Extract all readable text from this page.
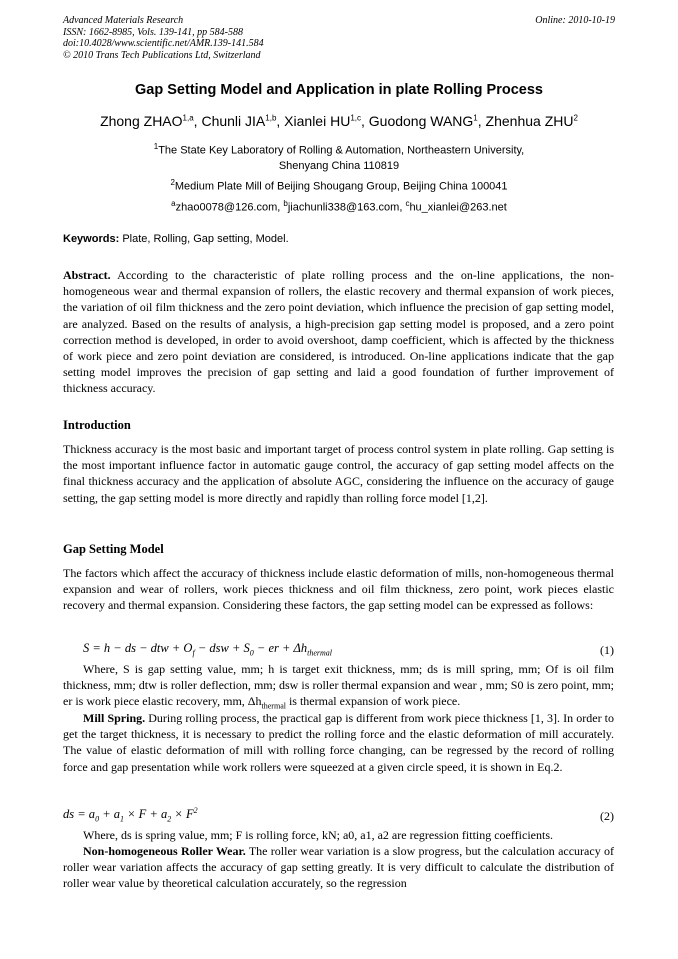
Advanced Materials Research
ISSN: 1662-8985, Vols. 139-141, pp 584-588
doi:10.4028/www.scientific.net/AMR.139-141.584
© 2010 Trans Tech Publications Ltd, Switzerland
Online: 2010-10-19
Gap Setting Model and Application in plate Rolling Process
Zhong ZHAO$^{1,a}$, Chunli JIA$^{1,b}$, Xianlei HU$^{1,c}$, Guodong WANG$^1$, Zhenhua ZHU$^2$
$^1$The State Key Laboratory of Rolling & Automation, Northeastern University,
Shenyang China 110819
$^2$Medium Plate Mill of Beijing Shougang Group, Beijing China 100041
$^a$zhao0078@126.com, $^b$jiachunli338@163.com, $^c$hu_xianlei@263.net
Keywords: Plate, Rolling, Gap setting, Model.

Abstract. According to the characteristic of plate rolling process and the on-line applications, the non-homogeneous wear and thermal expansion of rollers, the elastic recovery and thermal expansion of work pieces, the variation of oil film thickness and the zero point deviation, which influence the precision of gap setting model, are analyzed. Based on the results of analysis, a high-precision gap setting model is proposed, and a zero point correction method is developed, in order to avoid overshoot, damp coefficient, which is affected by the thickness of work piece and zero point deviation are considered, is introduced. On-line applications indicate that the gap setting model improves the precision of gap setting and laid a good foundation of further improvement of thickness accuracy.

Introduction

Thickness accuracy is the most basic and important target of process control system in plate rolling. Gap setting is the most important influence factor in automatic gauge control, the accuracy of gap setting model affects on the final thickness accuracy and the application of absolute AGC, considering the influence on the accuracy of gauge setting, the gap setting model is more directly and rapidly than rolling force model [1,2].

Gap Setting Model

The factors which affect the accuracy of thickness include elastic deformation of mills, non-homogeneous thermal expansion and wear of rollers, work pieces thickness and oil film thickness, zero point, work pieces elastic recovery and thermal expansion. Considering these factors, the gap setting model can be expressed as follows:

S = h − ds − dtw + $O_f$ − dsw + $S_0$ − er + $\Delta h_{thermal}$	(1)

Where, S is gap setting value, mm; h is target exit thickness, mm; ds is mill spring, mm; Of is oil film thickness, mm; dtw is roller deflection, mm; dsw is roller thermal expansion and wear , mm; S0 is zero point, mm; er is work piece elastic recovery, mm, $\Delta h_{thermal}$ is thermal expansion of work piece.

Mill Spring. During rolling process, the practical gap is different from work piece thickness [1, 3]. In order to get the target thickness, it is necessary to predict the rolling force and the elastic deformation of mill accurately. The value of elastic deformation of mill with rolling force changing, can be regressed by the record of rolling force and gap presentation while work rollers were squeezed at a given circle speed, it is shown in Eq.2.

ds = $a_0 + a_1 \times F + a_2 \times F^2$	(2)

Where, ds is spring value, mm; F is rolling force, kN; a0, a1, a2 are regression fitting coefficients.

Non-homogeneous Roller Wear. The roller wear variation is a slow progress, but the calculation accuracy of roller wear variation affects the accuracy of gap setting greatly. It is very difficult to calculate the distribution of roller wear value by theoretical calculation accurately, so the regression
